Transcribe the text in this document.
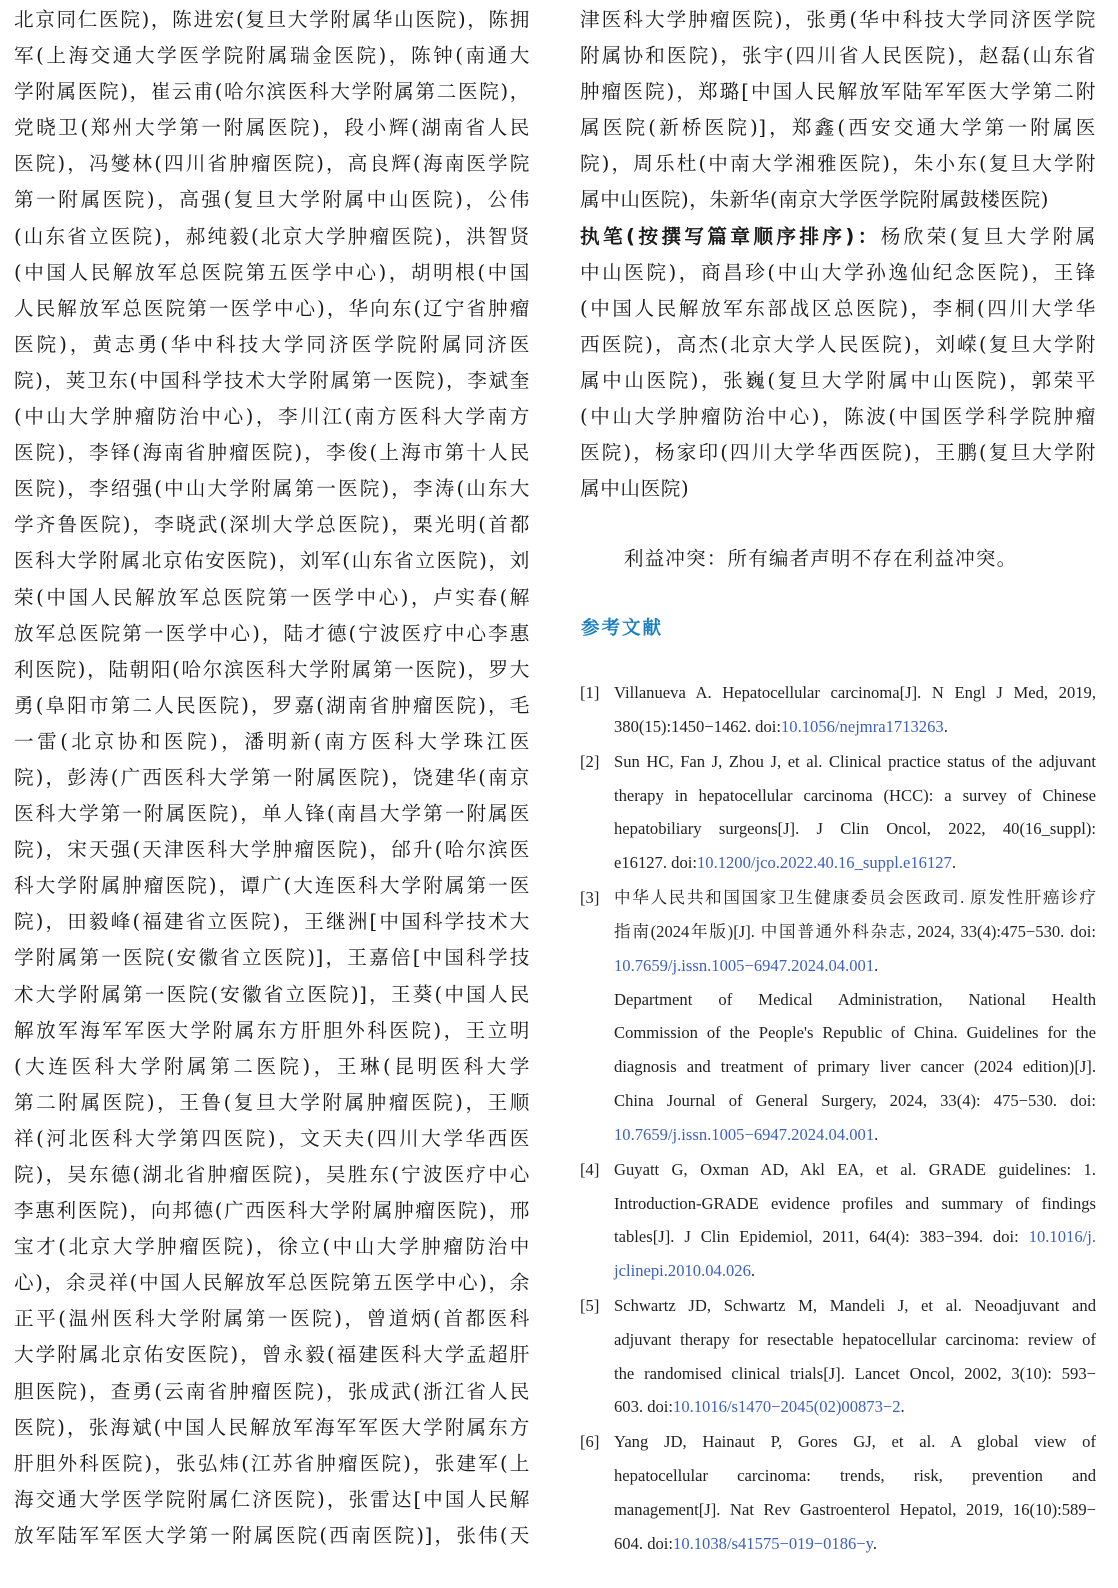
北京同仁医院)，陈进宏(复旦大学附属华山医院)，陈拥
军(上海交通大学医学院附属瑞金医院)，陈钟(南通大
学附属医院)，崔云甫(哈尔滨医科大学附属第二医院)，
党晓卫(郑州大学第一附属医院)，段小辉(湖南省人民
医院)，冯燮林(四川省肿瘤医院)，高良辉(海南医学院
第一附属医院)，高强(复旦大学附属中山医院)，公伟
(山东省立医院)，郝纯毅(北京大学肿瘤医院)，洪智贤
(中国人民解放军总医院第五医学中心)，胡明根(中国
人民解放军总医院第一医学中心)，华向东(辽宁省肿瘤
医院)，黄志勇(华中科技大学同济医学院附属同济医
院)，荚卫东(中国科学技术大学附属第一医院)，李斌奎
(中山大学肿瘤防治中心)，李川江(南方医科大学南方
医院)，李铎(海南省肿瘤医院)，李俊(上海市第十人民
医院)，李绍强(中山大学附属第一医院)，李涛(山东大
学齐鲁医院)，李晓武(深圳大学总医院)，栗光明(首都
医科大学附属北京佑安医院)，刘军(山东省立医院)，刘
荣(中国人民解放军总医院第一医学中心)，卢实春(解
放军总医院第一医学中心)，陆才德(宁波医疗中心李惠
利医院)，陆朝阳(哈尔滨医科大学附属第一医院)，罗大
勇(阜阳市第二人民医院)，罗嘉(湖南省肿瘤医院)，毛
一雷(北京协和医院)，潘明新(南方医科大学珠江医
院)，彭涛(广西医科大学第一附属医院)，饶建华(南京
医科大学第一附属医院)，单人锋(南昌大学第一附属医
院)，宋天强(天津医科大学肿瘤医院)，邰升(哈尔滨医
科大学附属肿瘤医院)，谭广(大连医科大学附属第一医
院)，田毅峰(福建省立医院)，王继洲[中国科学技术大
学附属第一医院(安徽省立医院)]，王嘉倍[中国科学技
术大学附属第一医院(安徽省立医院)]，王葵(中国人民
解放军海军军医大学附属东方肝胆外科医院)，王立明
(大连医科大学附属第二医院)，王琳(昆明医科大学
第二附属医院)，王鲁(复旦大学附属肿瘤医院)，王顺
祥(河北医科大学第四医院)，文天夫(四川大学华西医
院)，吴东德(湖北省肿瘤医院)，吴胜东(宁波医疗中心
李惠利医院)，向邦德(广西医科大学附属肿瘤医院)，邢
宝才(北京大学肿瘤医院)，徐立(中山大学肿瘤防治中
心)，余灵祥(中国人民解放军总医院第五医学中心)，余
正平(温州医科大学附属第一医院)，曾道炳(首都医科
大学附属北京佑安医院)，曾永毅(福建医科大学孟超肝
胆医院)，查勇(云南省肿瘤医院)，张成武(浙江省人民
医院)，张海斌(中国人民解放军海军军医大学附属东方
肝胆外科医院)，张弘炜(江苏省肿瘤医院)，张建军(上
海交通大学医学院附属仁济医院)，张雷达[中国人民解
放军陆军军医大学第一附属医院(西南医院)]，张伟(天
津医科大学肿瘤医院)，张勇(华中科技大学同济医学院
附属协和医院)，张宇(四川省人民医院)，赵磊(山东省
肿瘤医院)，郑璐[中国人民解放军陆军军医大学第二附
属医院(新桥医院)]，郑鑫(西安交通大学第一附属医
院)，周乐杜(中南大学湘雅医院)，朱小东(复旦大学附
属中山医院)，朱新华(南京大学医学院附属鼓楼医院)
执笔(按撰写篇章顺序排序)：杨欣荣(复旦大学附属
中山医院)，商昌珍(中山大学孙逸仙纪念医院)，王锋
(中国人民解放军东部战区总医院)，李桐(四川大学华
西医院)，高杰(北京大学人民医院)，刘嵘(复旦大学附
属中山医院)，张巍(复旦大学附属中山医院)，郭荣平
(中山大学肿瘤防治中心)，陈波(中国医学科学院肿瘤
医院)，杨家印(四川大学华西医院)，王鹏(复旦大学附
属中山医院)
利益冲突：所有编者声明不存在利益冲突。
参考文献
[1] Villanueva A. Hepatocellular carcinoma[J]. N Engl J Med, 2019,
380(15):1450−1462. doi:10.1056/nejmra1713263.
[2] Sun HC, Fan J, Zhou J, et al. Clinical practice status of the adjuvant
therapy in hepatocellular carcinoma (HCC): a survey of Chinese
hepatobiliary surgeons[J]. J Clin Oncol, 2022, 40(16_suppl):
e16127. doi:10.1200/jco.2022.40.16_suppl.e16127.
[3] 中华人民共和国国家卫生健康委员会医政司. 原发性肝癌诊疗
指南(2024年版)[J]. 中国普通外科杂志, 2024, 33(4):475−530. doi:
10.7659/j.issn.1005−6947.2024.04.001.
Department of Medical Administration, National Health
Commission of the People's Republic of China. Guidelines for the
diagnosis and treatment of primary liver cancer (2024 edition)[J].
China Journal of General Surgery, 2024, 33(4): 475−530. doi:
10.7659/j.issn.1005−6947.2024.04.001.
[4] Guyatt G, Oxman AD, Akl EA, et al. GRADE guidelines: 1.
Introduction-GRADE evidence profiles and summary of findings
tables[J]. J Clin Epidemiol, 2011, 64(4): 383−394. doi: 10.1016/j.
jclinepi.2010.04.026.
[5] Schwartz JD, Schwartz M, Mandeli J, et al. Neoadjuvant and
adjuvant therapy for resectable hepatocellular carcinoma: review of
the randomised clinical trials[J]. Lancet Oncol, 2002, 3(10): 593−
603. doi:10.1016/s1470−2045(02)00873−2.
[6] Yang JD, Hainaut P, Gores GJ, et al. A global view of
hepatocellular carcinoma: trends, risk, prevention and
management[J]. Nat Rev Gastroenterol Hepatol, 2019, 16(10):589−
604. doi:10.1038/s41575−019−0186−y.
